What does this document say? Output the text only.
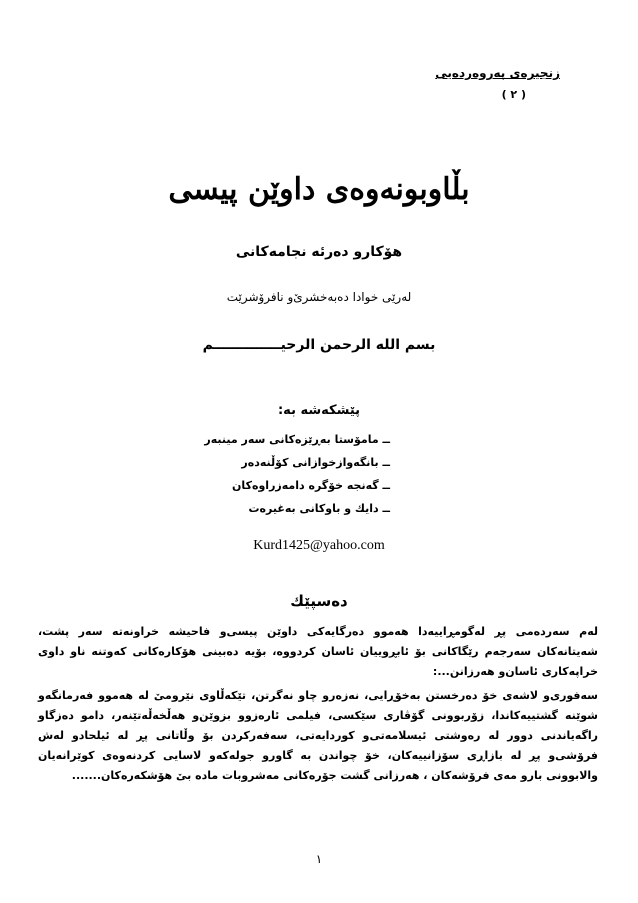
زنجیرەی پەروەردەیی
( ٢ )
بڵاوبونەوەی داوێن پیسی
هۆکارو دەرئە نجامەکانی
لەرێی خوادا دەبەخشرێ‌و نافرۆشرێت
بسم الله الرحمن الرحیــــــــــــــم
پێشکەشە بە:
ــ مامۆستا بەڕێزەکانی سەر مینبەر
ــ بانگەوازخوازانی کۆڵنەدەر
ــ گەنجە خۆگرە دامەزراوەکان
ــ دایك و باوکانی بەغیرەت
Kurd1425@yahoo.com
دەسپێك

لەم سەردەمی پڕ لەگومڕاییەدا هەموو دەرگایەکی داوێن پیسی‌و فاحیشە خراونەتە سەر پشت، شەیتانەکان سەرجەم رێگاکانی بۆ ئابڕوییان ئاسان کردووە، بۆیە دەبینی هۆکارەکانی کەوتنە ناو داوی خراپەکاری ئاسان‌و هەرزانن...:

سەفوری‌و لاشەی خۆ دەرخستن بەخۆڕایی، نەزەرو چاو نەگرتن، تێکەڵاوی نێرومێ لە هەموو فەرمانگەو شوێنە گشتییەکاندا، زۆربوونی گۆڤاری سێکسی، فیلمی ئارەزوو بزوێن‌و هەڵخەڵەتێنەر، دامو دەزگاو راگەیاندنی دوور لە رەوشتی ئیسلامەتی‌و کوردایەتی، سەفەرکردن بۆ وڵاتانی پڕ لە ئیلحادو لەش فرۆشی‌و پڕ لە بازاڕی سۆزانییەکان، خۆ چواندن بە گاورو جولەکەو لاسایی کردنەوەی کوێرانەیان والابوونی بارو مەی فرۆشەکان ، هەرزانی گشت جۆرەکانی مەشروبات مادە بێ هۆشکەرەکان.......

١
